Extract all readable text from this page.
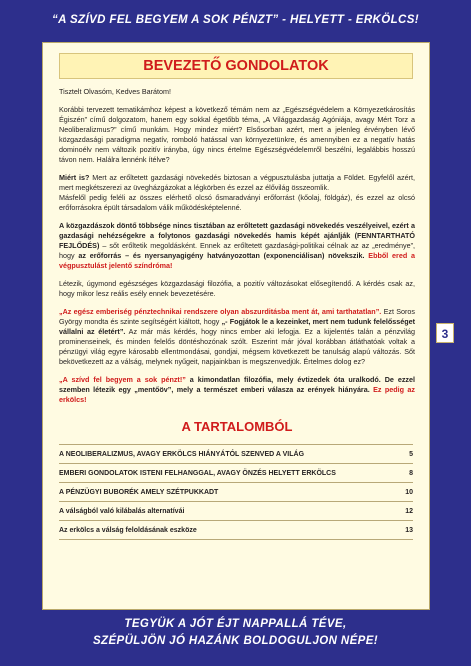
“A SZÍVD FEL BEGYEM A SOK PÉNZT” - HELYETT - ERKÖLCS!
BEVEZETŐ GONDOLATOK

Tisztelt Olvasóm, Kedves Barátom!

Korábbi tervezett tematikámhoz képest a következő témám nem az „Egészségvédelem a Környezetkárosítás Égiszén” című dolgozatom, hanem egy sokkal égetőbb téma, „A Világgazdaság Agóniája, avagy Mért Torz a Neoliberalizmus?” című munkám. Hogy mindez miért? Elsősorban azért, mert a jelenleg érvényben lévő közgazdasági paradigma negatív, romboló hatással van környezetünkre, és amennyiben ez a negatív hatás dominoélv nem változik pozitív irányba, úgy nincs értelme Egészségvédelemről beszélni, legalábbis hosszú távon nem. Halálra lennénk ítélve?

Miért is? Mert az erőltetett gazdasági növekedés biztosan a végpusztulásba juttatja a Földet. Egyfelől azért, mert megkétszerezi az üvegházgázokat a légkörben és ezzel az élővilág összeomlik.

Másfelől pedig feléli az összes elérhető olcsó ősmaradványi erőforrást (kőolaj, földgáz), és ezzel az olcsó erőforrásokra épült társadalom válik működésképtelenné.

A közgazdászok döntő többsége nincs tisztában az erőltetett gazdasági növekedés veszélyeivel, ezért a gazdasági nehézségekre a folytonos gazdasági növekedés hamis képét ajánlják (FENNTARTHATÓ FEJLŐDÉS) – sőt erőltetik megoldásként. Ennek az erőltetett gazdasági-politikai célnak az az „eredménye”, hogy az erőforrás – és nyersanyagigény hatványozottan (exponenciálisan) növekszik. Ebből ered a végpusztulást jelentő színdróma!

Létezik, úgymond egészséges közgazdasági filozófia, a pozitív változásokat elősegítendő. A kérdés csak az, hogy mikor lesz reális esély ennek bevezetésére.

„Az egész emberiség pénztechnikai rendszere olyan abszurditásba ment át, ami tarthatatlan”. Ezt Soros György mondta és szinte segítségért kiáltott, hogy „- Fogjátok le a kezeinket, mert nem tudunk felelősséget vállalni az életért”. Az már más kérdés, hogy nincs ember aki lefogja. Ez a kijelentés talán a pénzvilág prominenseinek, és minden felelős döntéshozónak szólt. Eszerint már jóval korábban átláthatóak voltak a pénzügyi világ egyre károsabb ellentmondásai, gondjai, mégsem következett be tanulság alapú változás. Sőt bekövetkezett az a válság, melynek nyűgeit, napjainkban is megszenvedjük. Értelmes dolog ez?

„A szívd fel begyem a sok pénzt!” a kimondatlan filozófia, mely évtizedek óta uralkodó. De ezzel szemben létezik egy „mentőöv”, mely a természet emberi válasza az erények hiányára. Ez pedig az erkölcs!

A TARTALOMBÓL
A NEOLIBERALIZMUS, AVAGY ERKÖLCS HIÁNYÁTÓL SZENVED A VILÁG	5
EMBERI GONDOLATOK ISTENI FELHANGGAL, AVAGY ÖNZÉS HELYETT ERKÖLCS	8
A PÉNZÜGYI BUBORÉK AMELY SZÉTPUKKADT	10
A válságból való kilábalás alternatívái	12
Az erkölcs a válság feloldásának eszköze	13
3
TEGYÜK A JÓT ÉJT NAPPALLÁ TÉVE,
SZÉPÜLJÖN JÓ HAZÁNK BOLDOGULJON NÉPE!
